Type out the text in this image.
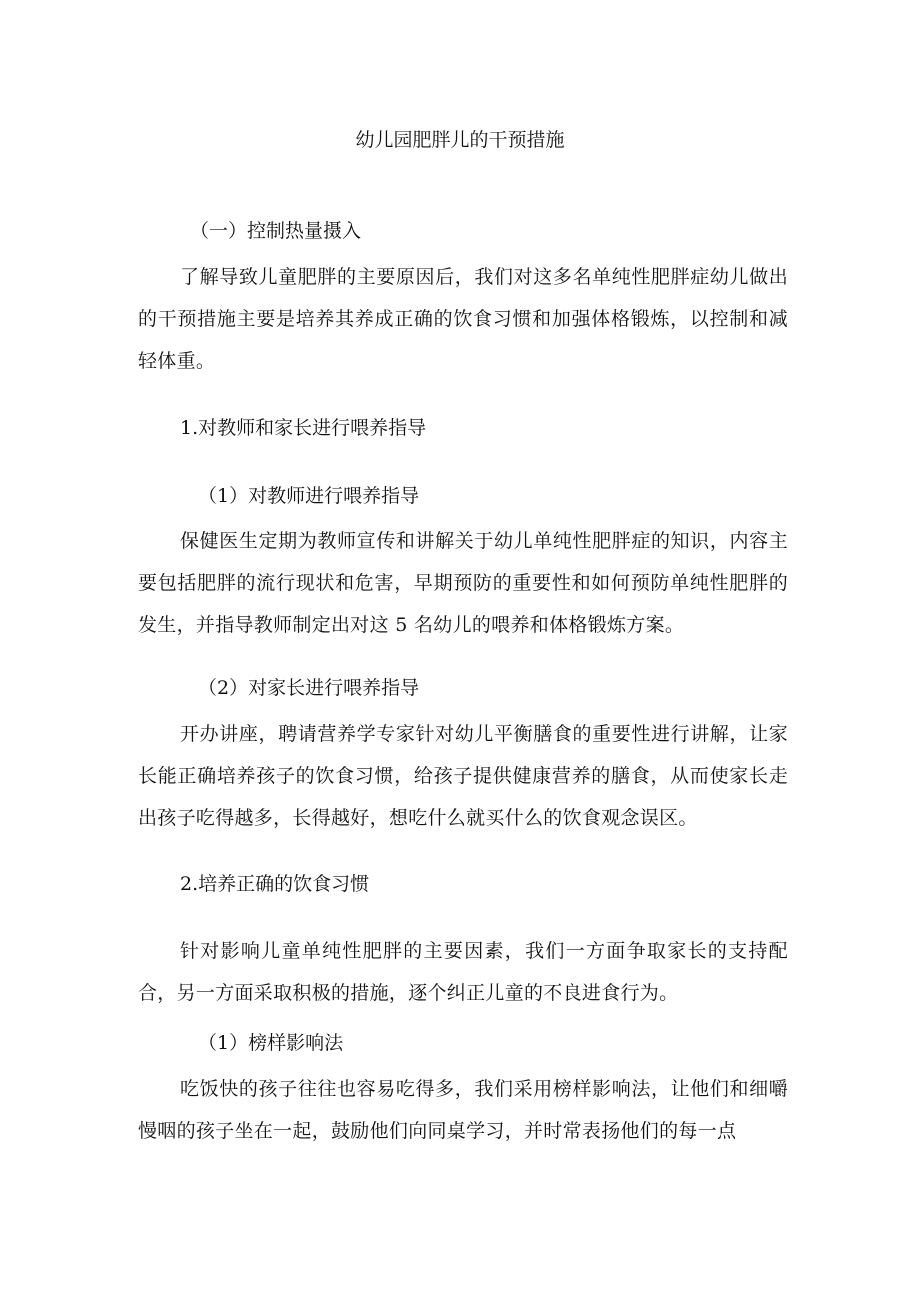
幼儿园肥胖儿的干预措施

（一）控制热量摄入

了解导致儿童肥胖的主要原因后，我们对这多名单纯性肥胖症幼儿做出的干预措施主要是培养其养成正确的饮食习惯和加强体格锻炼，以控制和减轻体重。

1.对教师和家长进行喂养指导

（1）对教师进行喂养指导

保健医生定期为教师宣传和讲解关于幼儿单纯性肥胖症的知识，内容主要包括肥胖的流行现状和危害，早期预防的重要性和如何预防单纯性肥胖的发生，并指导教师制定出对这 5 名幼儿的喂养和体格锻炼方案。

（2）对家长进行喂养指导

开办讲座，聘请营养学专家针对幼儿平衡膳食的重要性进行讲解，让家长能正确培养孩子的饮食习惯，给孩子提供健康营养的膳食，从而使家长走出孩子吃得越多，长得越好，想吃什么就买什么的饮食观念误区。

2.培养正确的饮食习惯

针对影响儿童单纯性肥胖的主要因素，我们一方面争取家长的支持配合，另一方面采取积极的措施，逐个纠正儿童的不良进食行为。

（1）榜样影响法

吃饭快的孩子往往也容易吃得多，我们采用榜样影响法，让他们和细嚼慢咽的孩子坐在一起，鼓励他们向同桌学习，并时常表扬他们的每一点
